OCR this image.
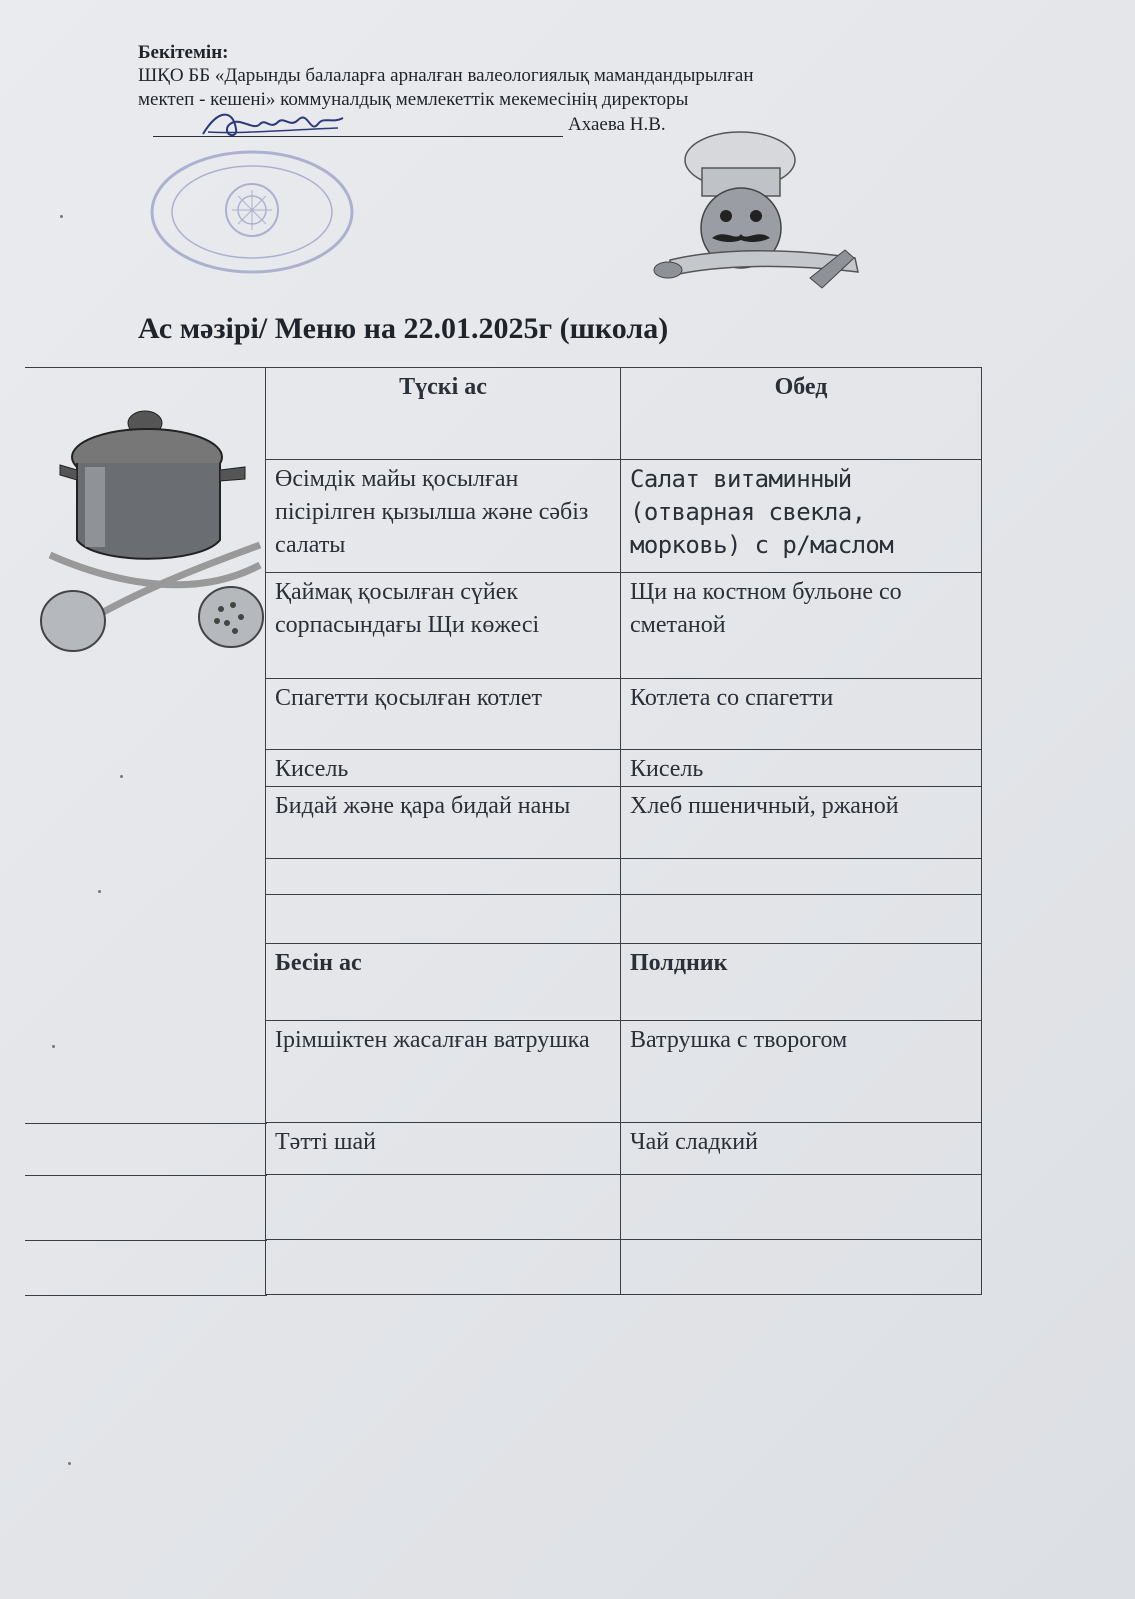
Бекітемін:
ШҚО ББ «Дарынды балаларға арналған валеологиялық мамандандырылған
мектеп - кешені» коммуналдық мемлекеттік мекемесінің директоры
Ахаева Н.В.
Ас мәзірі/ Меню на 22.01.2025г (школа)
Түскі ас	Обед
Өсімдік майы қосылған пісірілген қызылша және сәбіз салаты	Салат витаминный (отварная свекла, морковь) с р/маслом
Қаймақ қосылған сүйек сорпасындағы Щи көжесі	Щи на костном бульоне со сметаной
Спагетти қосылған котлет	Котлета со спагетти
Кисель	Кисель
Бидай және қара бидай наны	Хлеб пшеничный, ржаной

Бесін ас	Полдник
Ірімшіктен жасалған ватрушка	Ватрушка с творогом
Тәтті шай	Чай сладкий
